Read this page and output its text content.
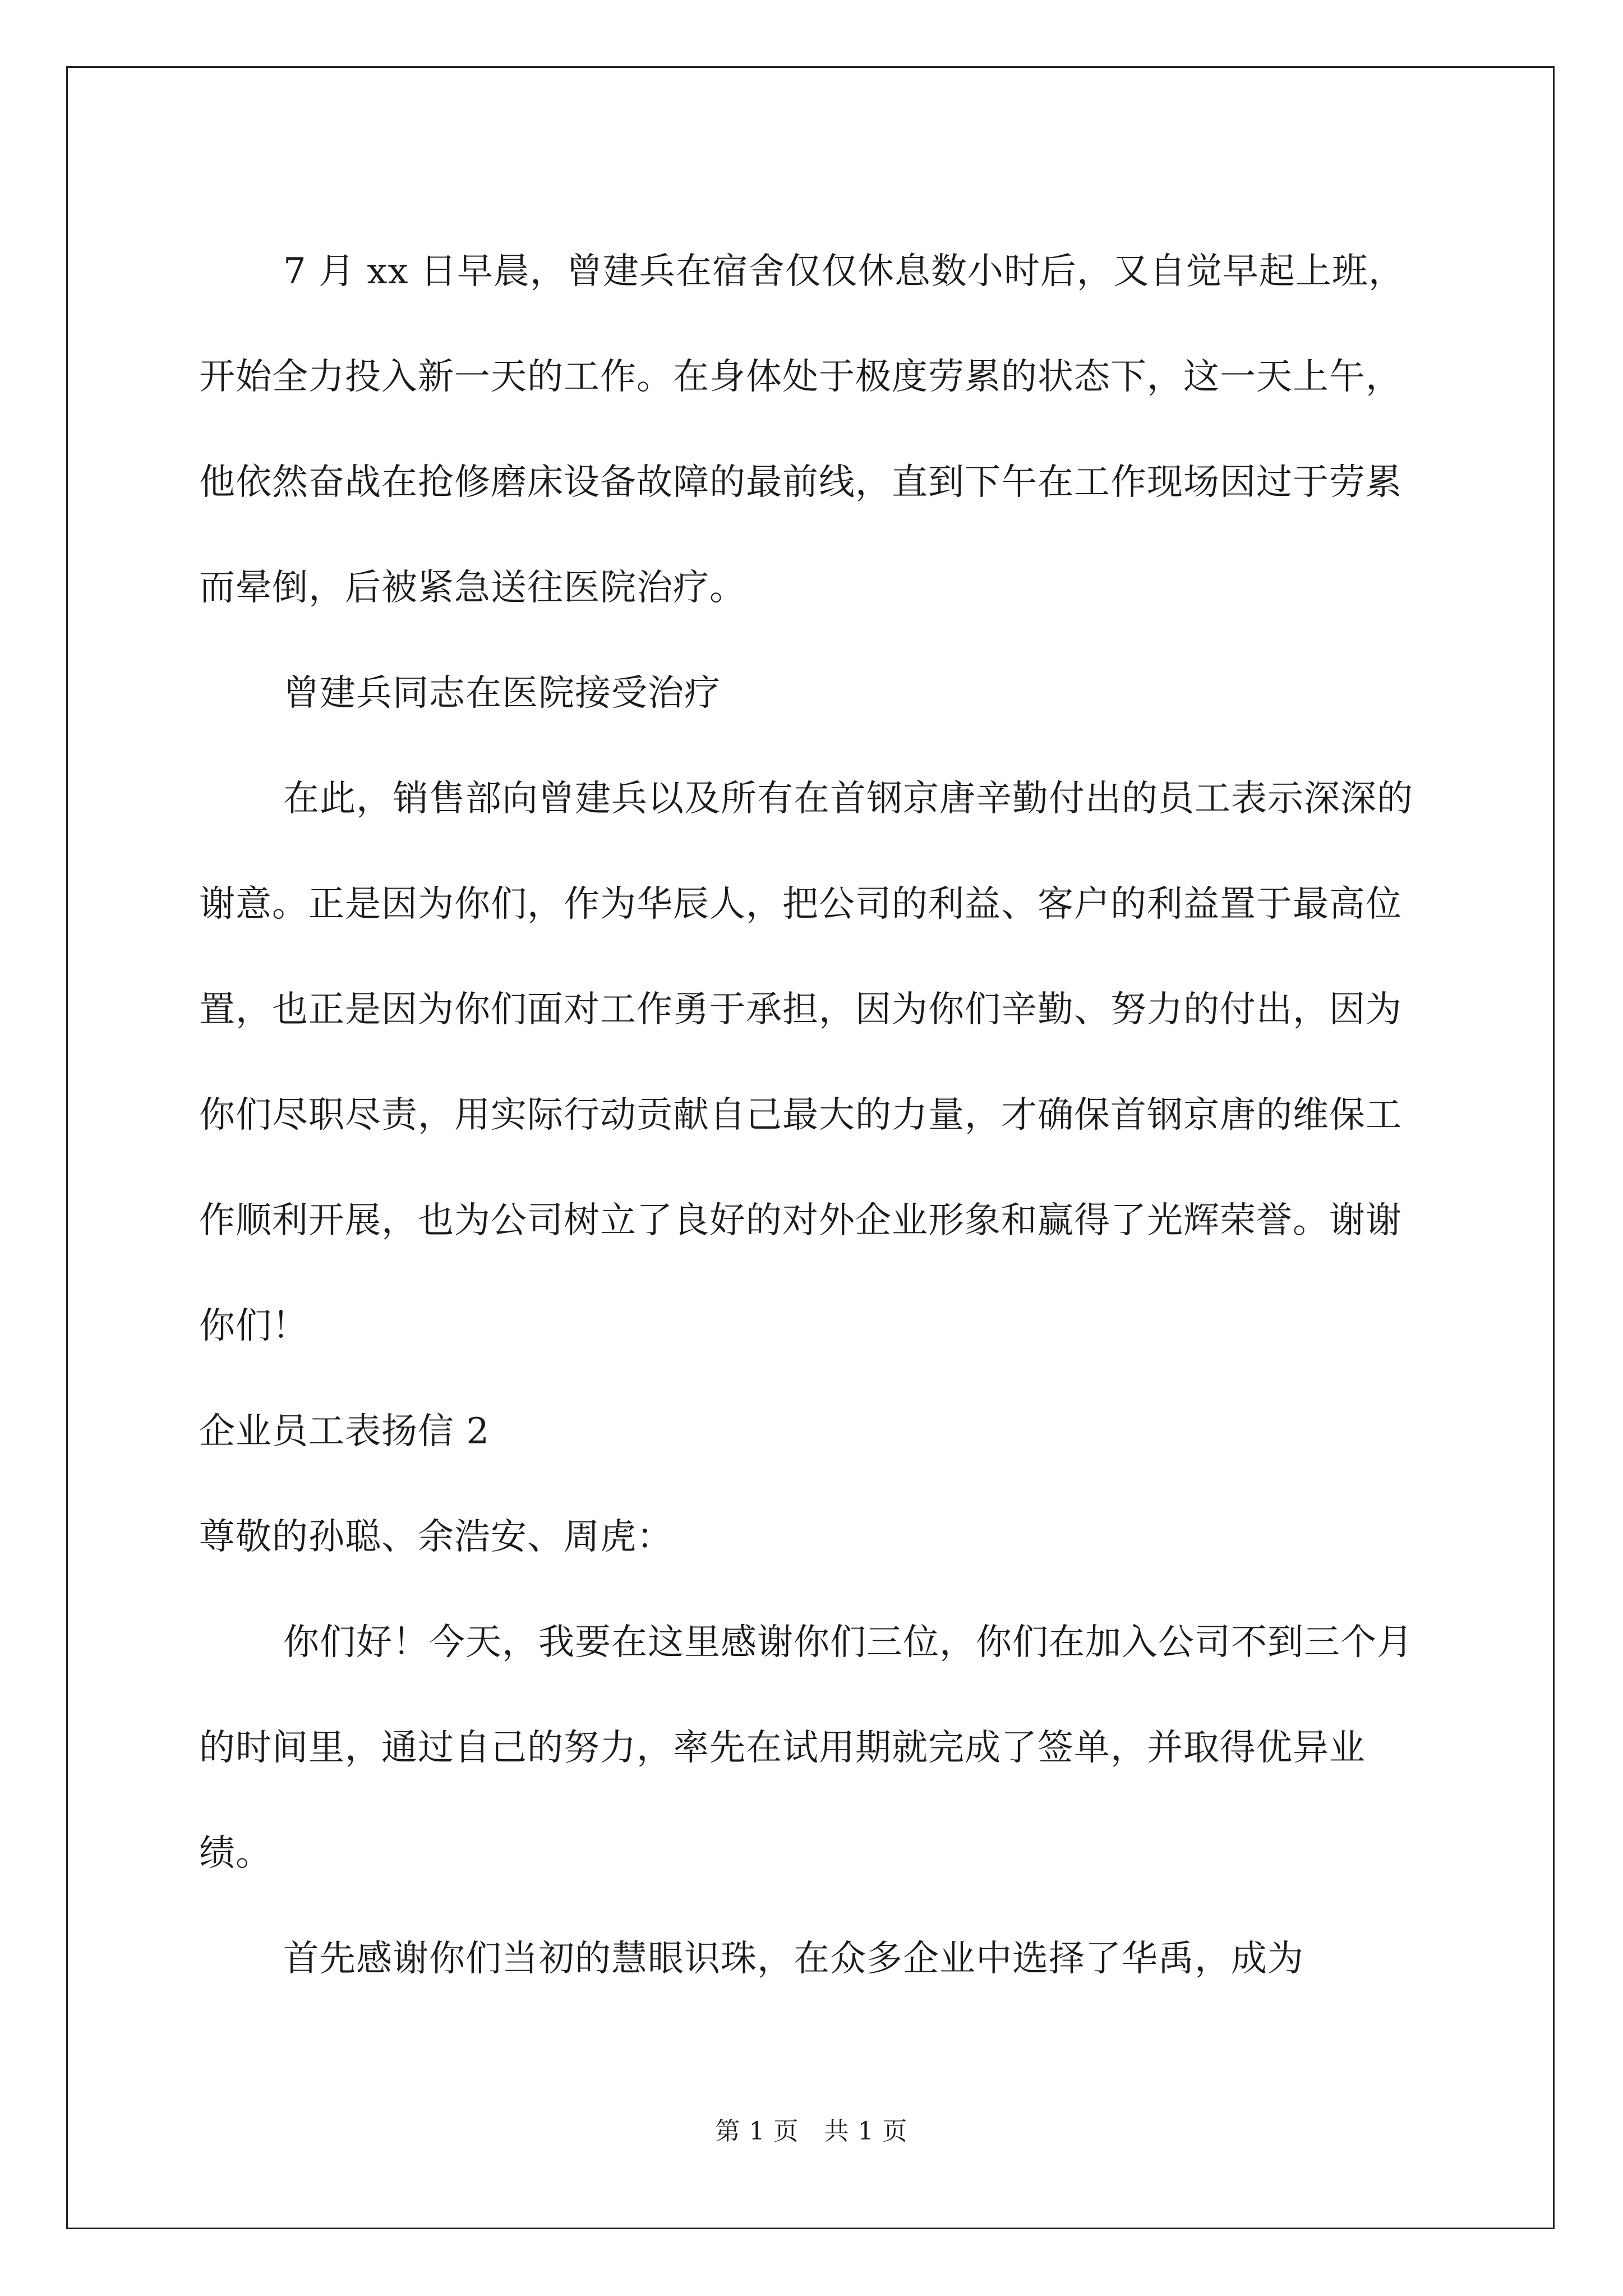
7 月 xx 日早晨，曾建兵在宿舍仅仅休息数小时后，又自觉早起上班，开始全力投入新一天的工作。在身体处于极度劳累的状态下，这一天上午，他依然奋战在抢修磨床设备故障的最前线，直到下午在工作现场因过于劳累而晕倒，后被紧急送往医院治疗。

曾建兵同志在医院接受治疗

在此，销售部向曾建兵以及所有在首钢京唐辛勤付出的员工表示深深的谢意。正是因为你们，作为华辰人，把公司的利益、客户的利益置于最高位置，也正是因为你们面对工作勇于承担，因为你们辛勤、努力的付出，因为你们尽职尽责，用实际行动贡献自己最大的力量，才确保首钢京唐的维保工作顺利开展，也为公司树立了良好的对外企业形象和赢得了光辉荣誉。谢谢你们！

企业员工表扬信 2

尊敬的孙聪、余浩安、周虎：

你们好！今天，我要在这里感谢你们三位，你们在加入公司不到三个月的时间里，通过自己的努力，率先在试用期就完成了签单，并取得优异业绩。

首先感谢你们当初的慧眼识珠，在众多企业中选择了华禹，成为

第 1 页　共 1 页
